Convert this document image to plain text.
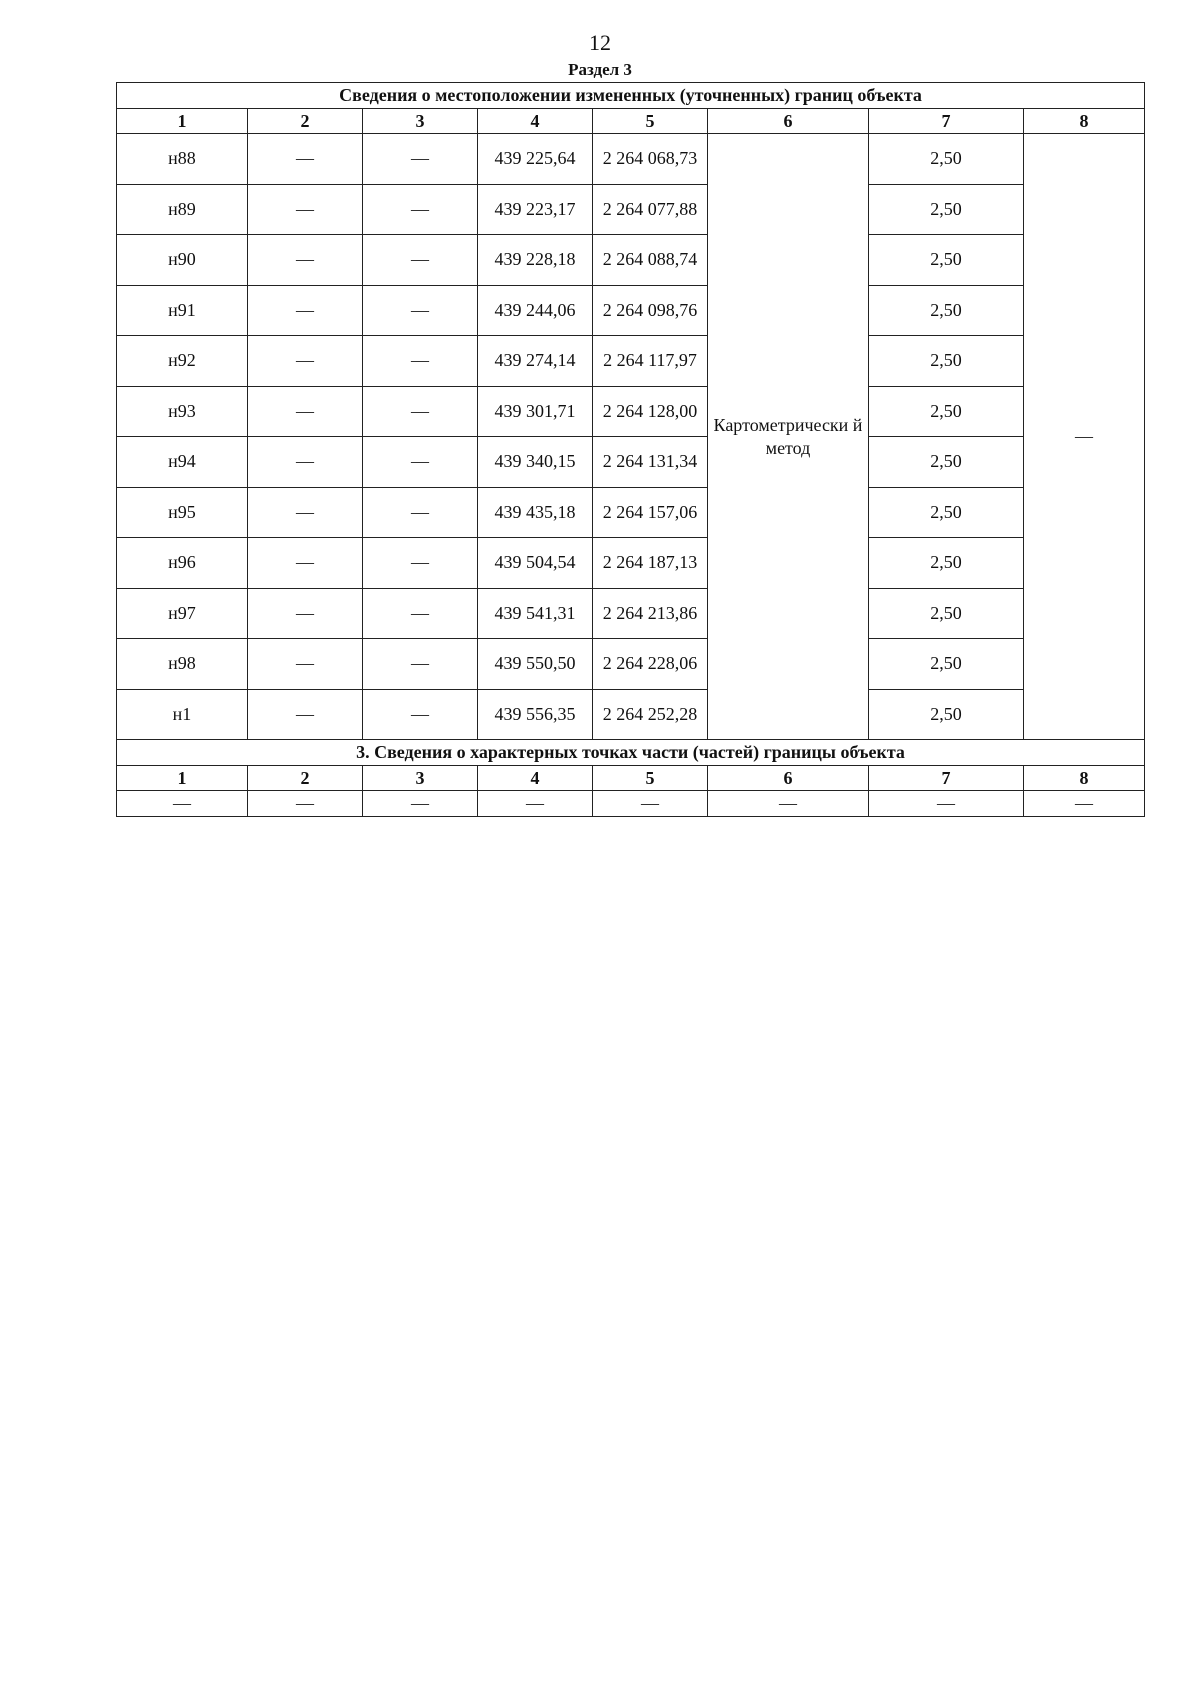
12
Раздел 3
Сведения о местоположении измененных (уточненных) границ объекта							
1	2	3	4	5	6	7	8
н88	—	—	439 225,64	2 264 068,73	Картометрически й метод	2,50	—
н89	—	—	439 223,17	2 264 077,88		2,50	
н90	—	—	439 228,18	2 264 088,74		2,50	
н91	—	—	439 244,06	2 264 098,76		2,50	
н92	—	—	439 274,14	2 264 117,97		2,50	
н93	—	—	439 301,71	2 264 128,00		2,50	
н94	—	—	439 340,15	2 264 131,34		2,50	
н95	—	—	439 435,18	2 264 157,06		2,50	
н96	—	—	439 504,54	2 264 187,13		2,50	
н97	—	—	439 541,31	2 264 213,86		2,50	
н98	—	—	439 550,50	2 264 228,06		2,50	
н1	—	—	439 556,35	2 264 252,28		2,50	
3. Сведения о характерных точках части (частей) границы объекта							
1	2	3	4	5	6	7	8
—	—	—	—	—	—	—	—
